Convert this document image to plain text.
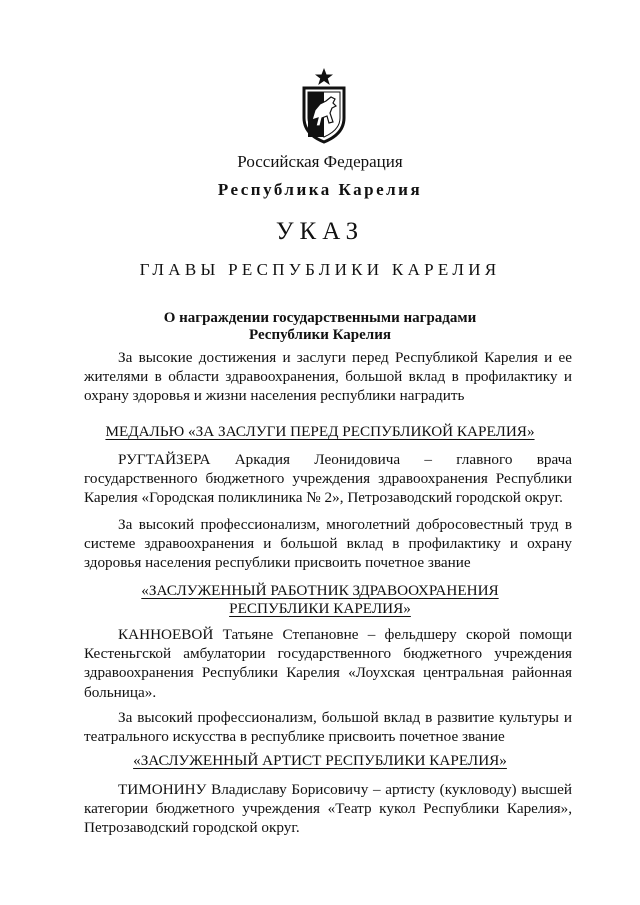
Российская Федерация
Республика Карелия
УКАЗ
ГЛАВЫ РЕСПУБЛИКИ КАРЕЛИЯ
О награждении государственными наградами
Республики Карелия

За высокие достижения и заслуги перед Республикой Карелия и ее жителями в области здравоохранения, большой вклад в профилактику и охрану здоровья и жизни населения республики наградить

МЕДАЛЬЮ «ЗА ЗАСЛУГИ ПЕРЕД РЕСПУБЛИКОЙ КАРЕЛИЯ»

РУГТАЙЗЕРА Аркадия Леонидовича – главного врача государственного бюджетного учреждения здравоохранения Республики Карелия «Городская поликлиника № 2», Петрозаводский городской округ.

За высокий профессионализм, многолетний добросовестный труд в системе здравоохранения и большой вклад в профилактику и охрану здоровья населения республики присвоить почетное звание

«ЗАСЛУЖЕННЫЙ РАБОТНИК ЗДРАВООХРАНЕНИЯ
РЕСПУБЛИКИ КАРЕЛИЯ»

КАННОЕВОЙ Татьяне Степановне – фельдшеру скорой помощи Кестеньгской амбулатории государственного бюджетного учреждения здравоохранения Республики Карелия «Лоухская центральная районная больница».

За высокий профессионализм, большой вклад в развитие культуры и театрального искусства в республике присвоить почетное звание

«ЗАСЛУЖЕННЫЙ АРТИСТ РЕСПУБЛИКИ КАРЕЛИЯ»

ТИМОНИНУ Владиславу Борисовичу – артисту (кукловоду) высшей категории бюджетного учреждения «Театр кукол Республики Карелия», Петрозаводский городской округ.
